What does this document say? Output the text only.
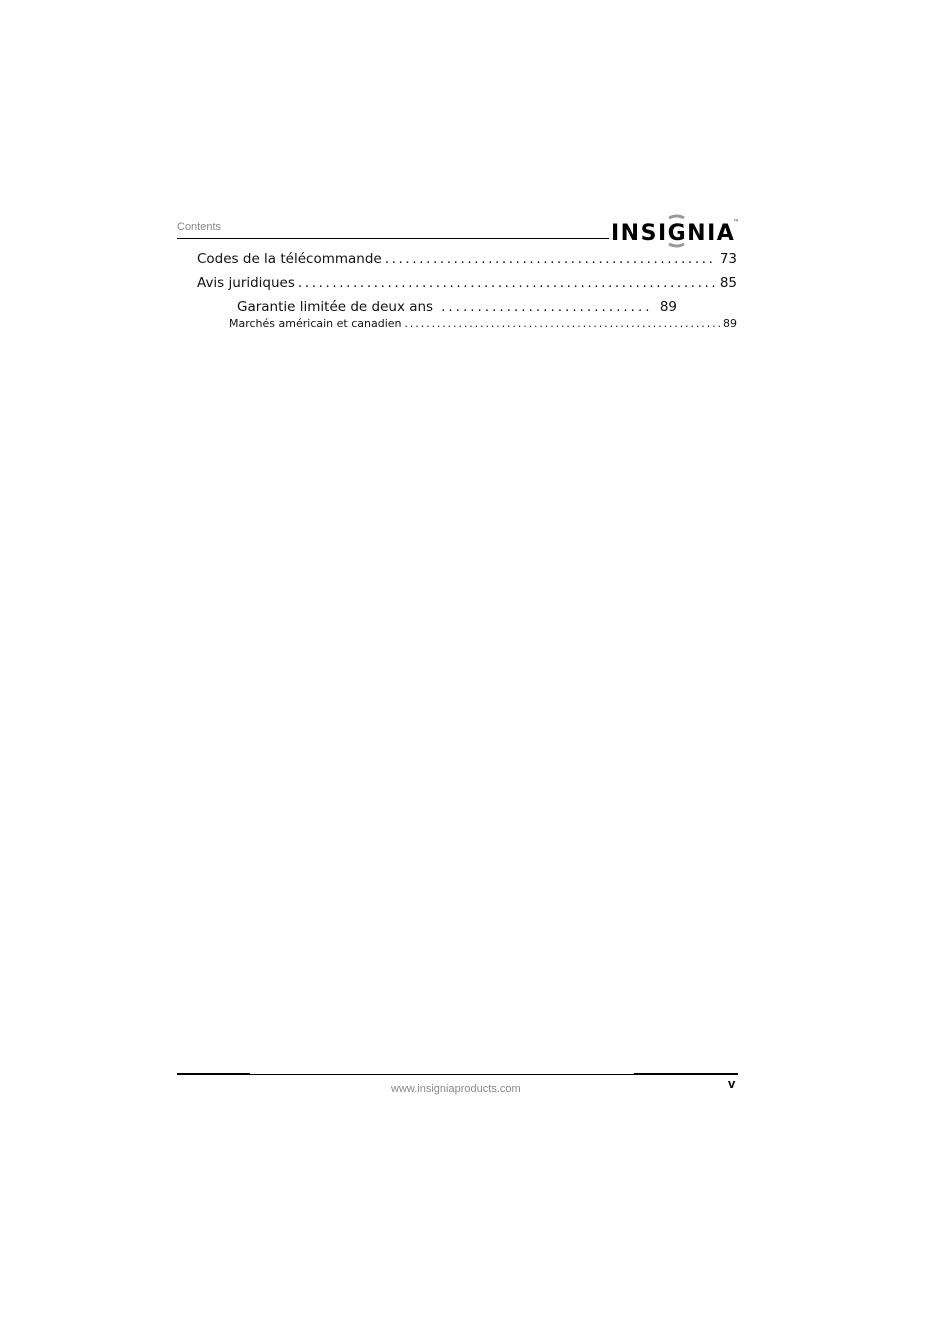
Contents	INSIGNIA
™
Codes de la télécommande .....	73
Avis juridiques .....	85
Garantie limitée de deux ans .....	89
Marchés américain et canadien .....	89
www.insigniaproducts.com	v
